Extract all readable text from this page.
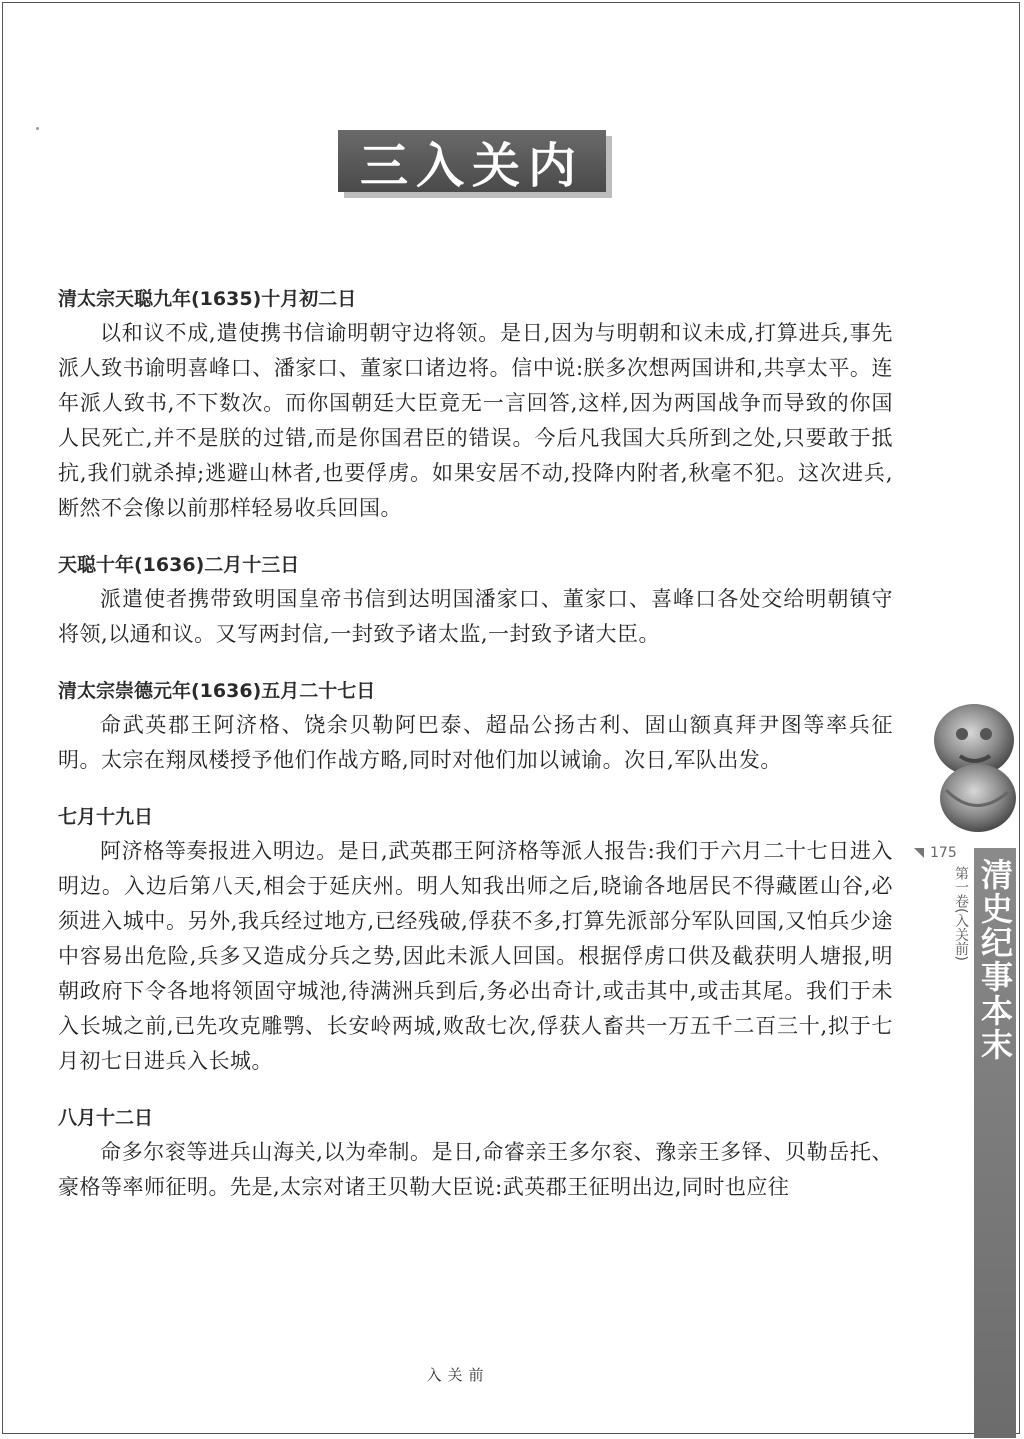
三入关内
清太宗天聪九年(1635)十月初二日

以和议不成,遣使携书信谕明朝守边将领。是日,因为与明朝和议未成,打算进兵,事先派人致书谕明喜峰口、潘家口、董家口诸边将。信中说:朕多次想两国讲和,共享太平。连年派人致书,不下数次。而你国朝廷大臣竟无一言回答,这样,因为两国战争而导致的你国人民死亡,并不是朕的过错,而是你国君臣的错误。今后凡我国大兵所到之处,只要敢于抵抗,我们就杀掉;逃避山林者,也要俘虏。如果安居不动,投降内附者,秋毫不犯。这次进兵,断然不会像以前那样轻易收兵回国。

天聪十年(1636)二月十三日

派遣使者携带致明国皇帝书信到达明国潘家口、董家口、喜峰口各处交给明朝镇守将领,以通和议。又写两封信,一封致予诸太监,一封致予诸大臣。

清太宗崇德元年(1636)五月二十七日

命武英郡王阿济格、饶余贝勒阿巴泰、超品公扬古利、固山额真拜尹图等率兵征明。太宗在翔凤楼授予他们作战方略,同时对他们加以诫谕。次日,军队出发。

七月十九日

阿济格等奏报进入明边。是日,武英郡王阿济格等派人报告:我们于六月二十七日进入明边。入边后第八天,相会于延庆州。明人知我出师之后,晓谕各地居民不得藏匿山谷,必须进入城中。另外,我兵经过地方,已经残破,俘获不多,打算先派部分军队回国,又怕兵少途中容易出危险,兵多又造成分兵之势,因此未派人回国。根据俘虏口供及截获明人塘报,明朝政府下令各地将领固守城池,待满洲兵到后,务必出奇计,或击其中,或击其尾。我们于未入长城之前,已先攻克雕鹗、长安岭两城,败敌七次,俘获人畜共一万五千二百三十,拟于七月初七日进兵入长城。

八月十二日

命多尔衮等进兵山海关,以为牵制。是日,命睿亲王多尔衮、豫亲王多铎、贝勒岳托、豪格等率师征明。先是,太宗对诸王贝勒大臣说:武英郡王征明出边,同时也应往

175
第一卷(入关前) 清史纪事本末
入关前
